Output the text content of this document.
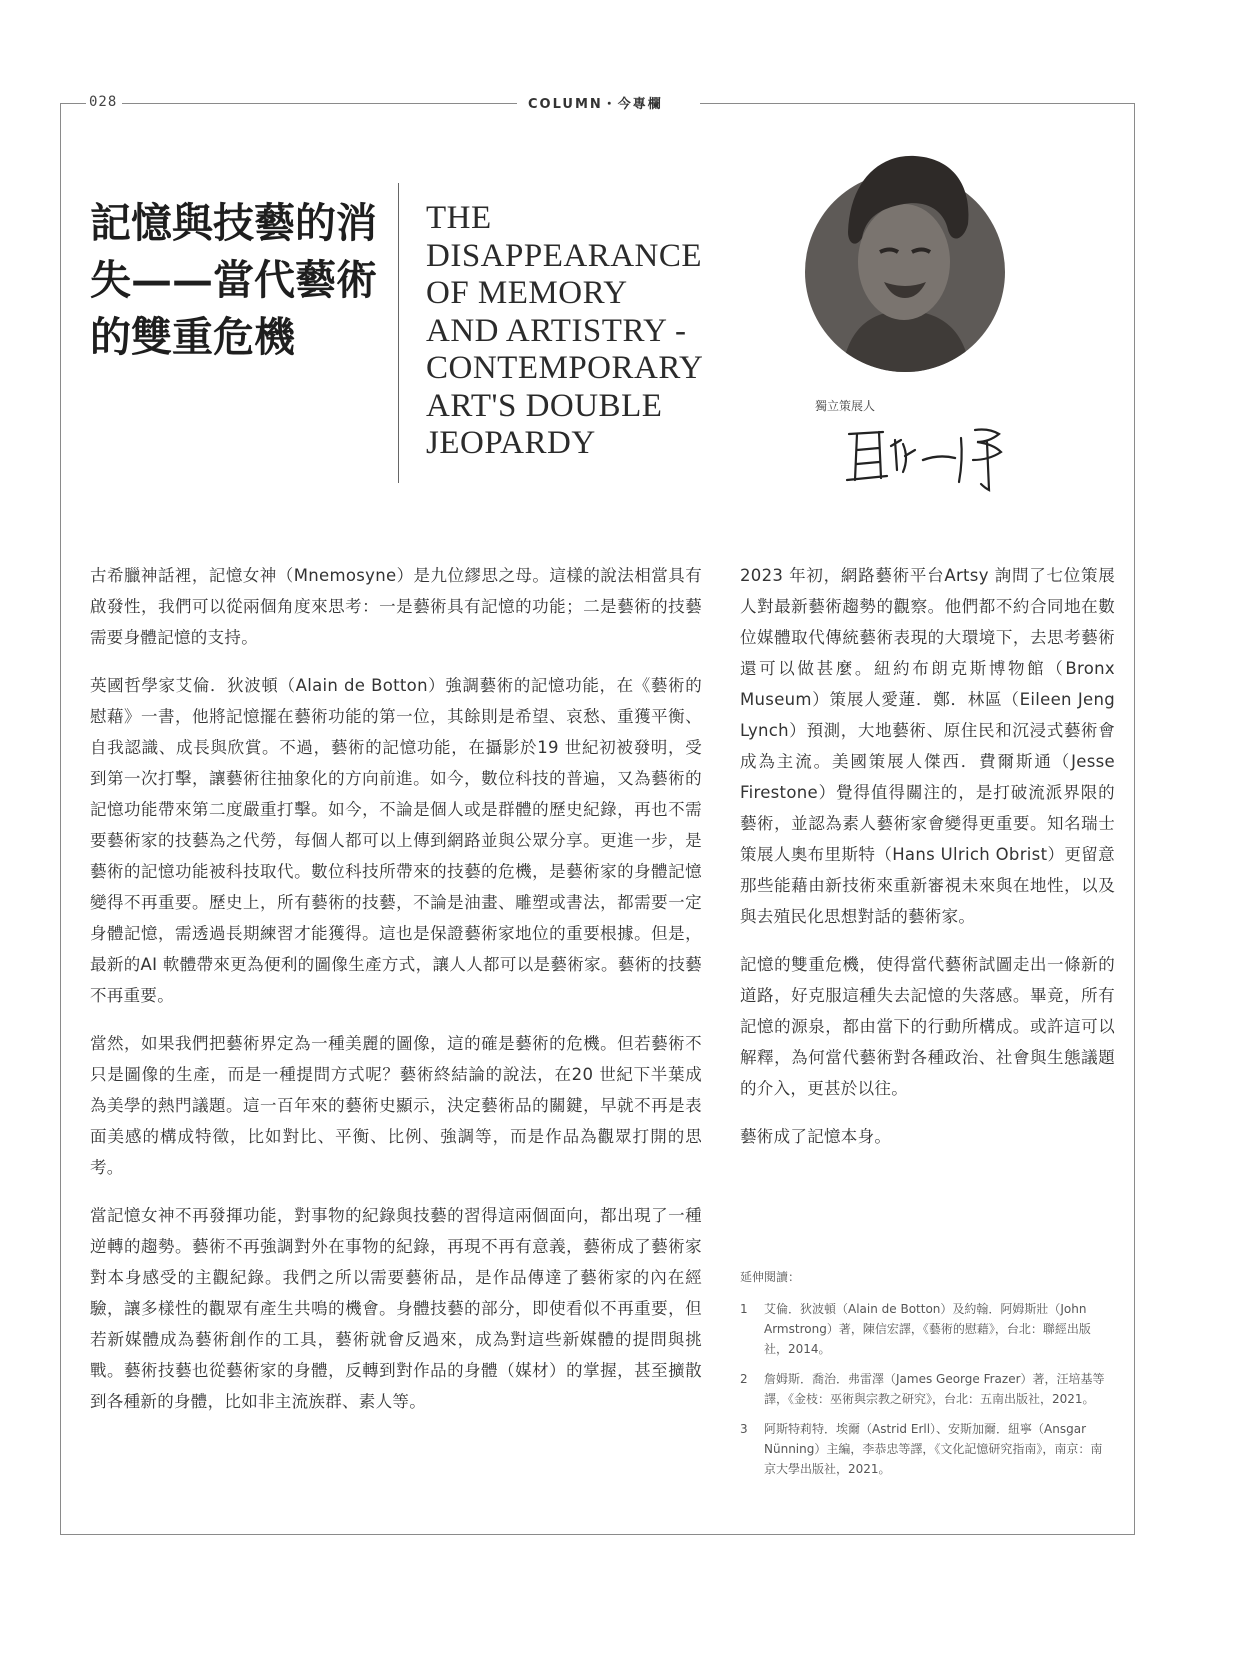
028	COLUMN・今專欄
記憶與技藝的消失——當代藝術的雙重危機
THE
DISAPPEARANCE
OF MEMORY
AND ARTISTRY -
CONTEMPORARY
ART'S DOUBLE
JEOPARDY
獨立策展人

古希臘神話裡，記憶女神（Mnemosyne）是九位繆思之母。這樣的說法相當具有啟發性，我們可以從兩個角度來思考：一是藝術具有記憶的功能；二是藝術的技藝需要身體記憶的支持。

英國哲學家艾倫．狄波頓（Alain de Botton）強調藝術的記憶功能，在《藝術的慰藉》一書，他將記憶擺在藝術功能的第一位，其餘則是希望、哀愁、重獲平衡、自我認識、成長與欣賞。不過，藝術的記憶功能，在攝影於19 世紀初被發明，受到第一次打擊，讓藝術往抽象化的方向前進。如今，數位科技的普遍，又為藝術的記憶功能帶來第二度嚴重打擊。如今，不論是個人或是群體的歷史紀錄，再也不需要藝術家的技藝為之代勞，每個人都可以上傳到網路並與公眾分享。更進一步，是藝術的記憶功能被科技取代。數位科技所帶來的技藝的危機，是藝術家的身體記憶變得不再重要。歷史上，所有藝術的技藝，不論是油畫、雕塑或書法，都需要一定身體記憶，需透過長期練習才能獲得。這也是保證藝術家地位的重要根據。但是，最新的AI 軟體帶來更為便利的圖像生產方式，讓人人都可以是藝術家。藝術的技藝不再重要。

當然，如果我們把藝術界定為一種美麗的圖像，這的確是藝術的危機。但若藝術不只是圖像的生產，而是一種提問方式呢？藝術終結論的說法，在20 世紀下半葉成為美學的熱門議題。這一百年來的藝術史顯示，決定藝術品的關鍵，早就不再是表面美感的構成特徵，比如對比、平衡、比例、強調等，而是作品為觀眾打開的思考。

當記憶女神不再發揮功能，對事物的紀錄與技藝的習得這兩個面向，都出現了一種逆轉的趨勢。藝術不再強調對外在事物的紀錄，再現不再有意義，藝術成了藝術家對本身感受的主觀紀錄。我們之所以需要藝術品，是作品傳達了藝術家的內在經驗，讓多樣性的觀眾有產生共鳴的機會。身體技藝的部分，即使看似不再重要，但若新媒體成為藝術創作的工具，藝術就會反過來，成為對這些新媒體的提問與挑戰。藝術技藝也從藝術家的身體，反轉到對作品的身體（媒材）的掌握，甚至擴散到各種新的身體，比如非主流族群、素人等。

2023 年初，網路藝術平台Artsy 詢問了七位策展人對最新藝術趨勢的觀察。他們都不約合同地在數位媒體取代傳統藝術表現的大環境下，去思考藝術還可以做甚麼。紐約布朗克斯博物館（Bronx Museum）策展人愛蓮．鄭．林區（Eileen Jeng Lynch）預測，大地藝術、原住民和沉浸式藝術會成為主流。美國策展人傑西．費爾斯通（Jesse Firestone）覺得值得關注的，是打破流派界限的藝術，並認為素人藝術家會變得更重要。知名瑞士策展人奧布里斯特（Hans Ulrich Obrist）更留意那些能藉由新技術來重新審視未來與在地性，以及與去殖民化思想對話的藝術家。

記憶的雙重危機，使得當代藝術試圖走出一條新的道路，好克服這種失去記憶的失落感。畢竟，所有記憶的源泉，都由當下的行動所構成。或許這可以解釋，為何當代藝術對各種政治、社會與生態議題的介入，更甚於以往。

藝術成了記憶本身。

延伸閱讀：
1	艾倫．狄波頓（Alain de Botton）及約翰．阿姆斯壯（John Armstrong）著，陳信宏譯，《藝術的慰藉》，台北：聯經出版社，2014。
2	詹姆斯．喬治．弗雷澤（James George Frazer）著，汪培基等譯，《金枝：巫術與宗教之研究》，台北：五南出版社，2021。
3	阿斯特莉特．埃爾（Astrid Erll）、安斯加爾．紐寧（Ansgar Nünning）主編，李恭忠等譯，《文化記憶研究指南》，南京：南京大學出版社，2021。
